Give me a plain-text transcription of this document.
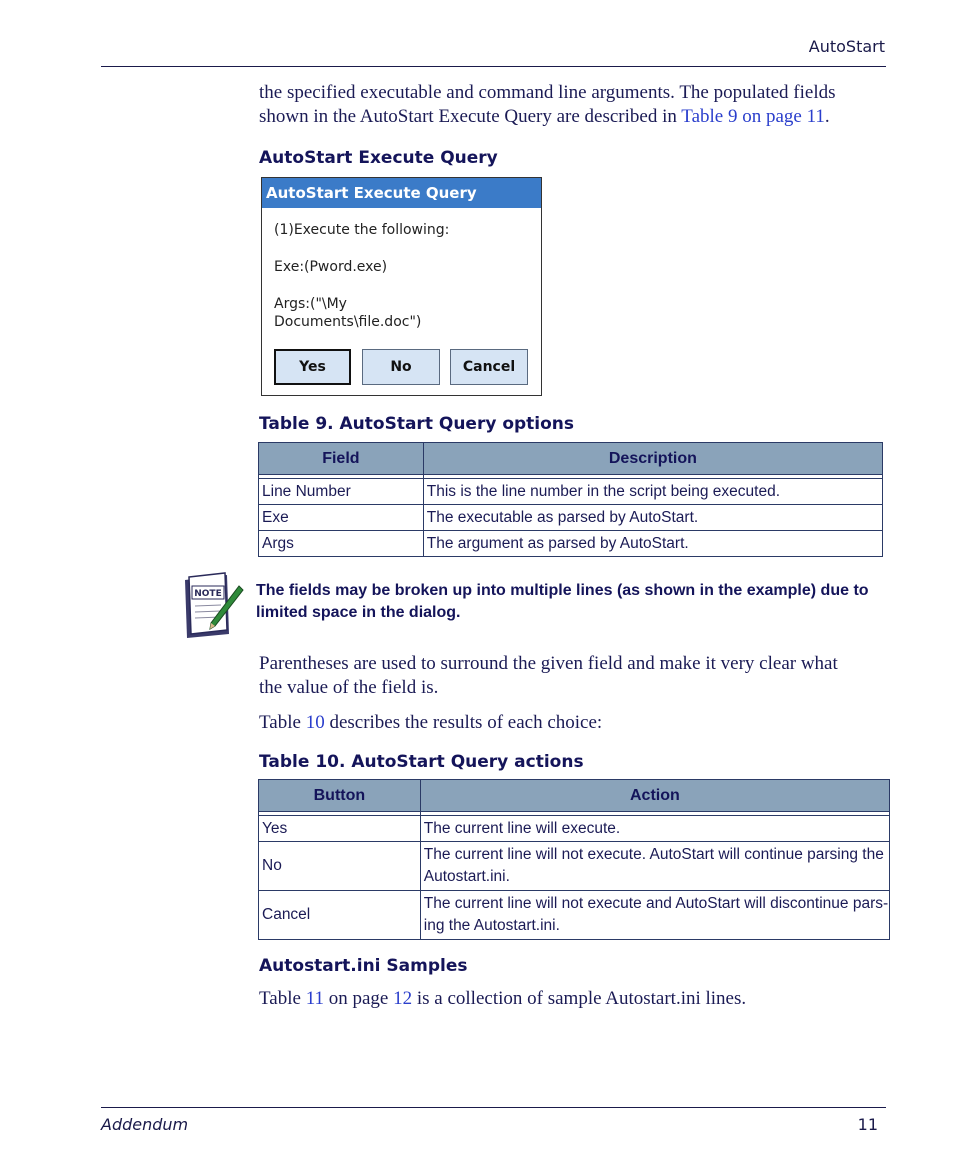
AutoStart
the specified executable and command line arguments. The populated fields
shown in the AutoStart Execute Query are described in Table 9 on page 11.
AutoStart Execute Query
AutoStart Execute Query
(1)Execute the following:
Exe:(Pword.exe)
Args:("\My
Documents\file.doc")
Yes	No	Cancel
Table 9. AutoStart Query options
Field	Description

Line Number	This is the line number in the script being executed.
Exe	The executable as parsed by AutoStart.
Args	The argument as parsed by AutoStart.
NOTE The fields may be broken up into multiple lines (as shown in the example) due to
limited space in the dialog.
Parentheses are used to surround the given field and make it very clear what
the value of the field is.
Table 10 describes the results of each choice:
Table 10. AutoStart Query actions
Button	Action

Yes	The current line will execute.

No	The current line will not execute. AutoStart will continue parsing the
Autostart.ini.

Cancel	The current line will not execute and AutoStart will discontinue pars-
ing the Autostart.ini.
Autostart.ini Samples
Table 11 on page 12 is a collection of sample Autostart.ini lines.
Addendum	11
